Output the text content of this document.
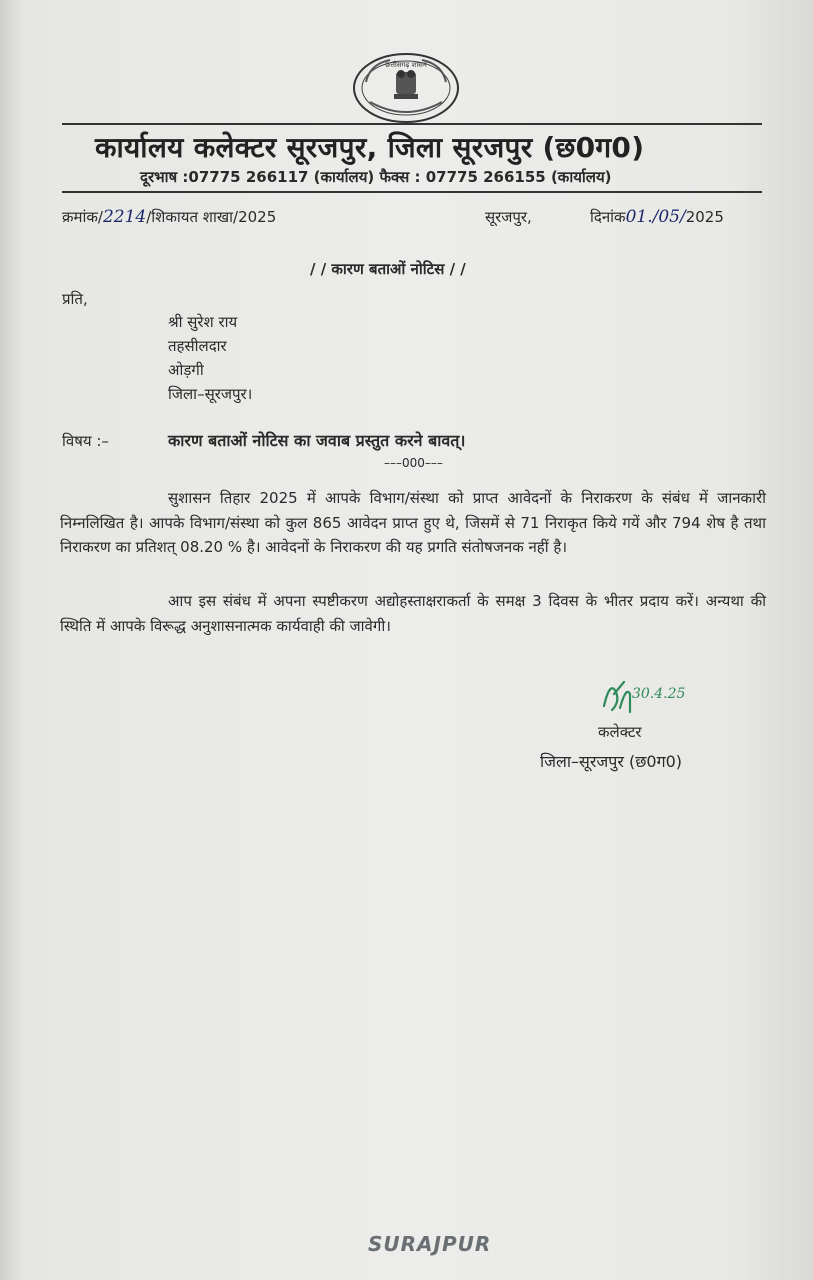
छत्तीसगढ़ शासन
कार्यालय कलेक्टर सूरजपुर, जिला सूरजपुर (छ0ग0)
दूरभाष :07775 266117 (कार्यालय) फैक्स : 07775 266155 (कार्यालय)
क्रमांक/2214/शिकायत शाखा/2025	सूरजपुर,	दिनांक01./05/2025
/ / कारण बताओं नोटिस / /
प्रति,
श्री सुरेश राय
तहसीलदार
ओड़गी
जिला–सूरजपुर।
विषय :–	कारण बताओं नोटिस का जवाब प्रस्तुत करने बावत्।
–––000–––
सुशासन तिहार 2025 में आपके विभाग/संस्था को प्राप्त आवेदनों के निराकरण के संबंध में जानकारी निम्नलिखित है। आपके विभाग/संस्था को कुल 865 आवेदन प्राप्त हुए थे, जिसमें से 71 निराकृत किये गयें और 794 शेष है तथा निराकरण का प्रतिशत् 08.20 % है। आवेदनों के निराकरण की यह प्रगति संतोषजनक नहीं है।
आप इस संबंध में अपना स्पष्टीकरण अद्योहस्ताक्षराकर्ता के समक्ष 3 दिवस के भीतर प्रदाय करें। अन्यथा की स्थिति में आपके विरूद्ध अनुशासनात्मक कार्यवाही की जावेगी।
30.4.25
कलेक्टर
जिला–सूरजपुर (छ0ग0)
SURAJPUR
